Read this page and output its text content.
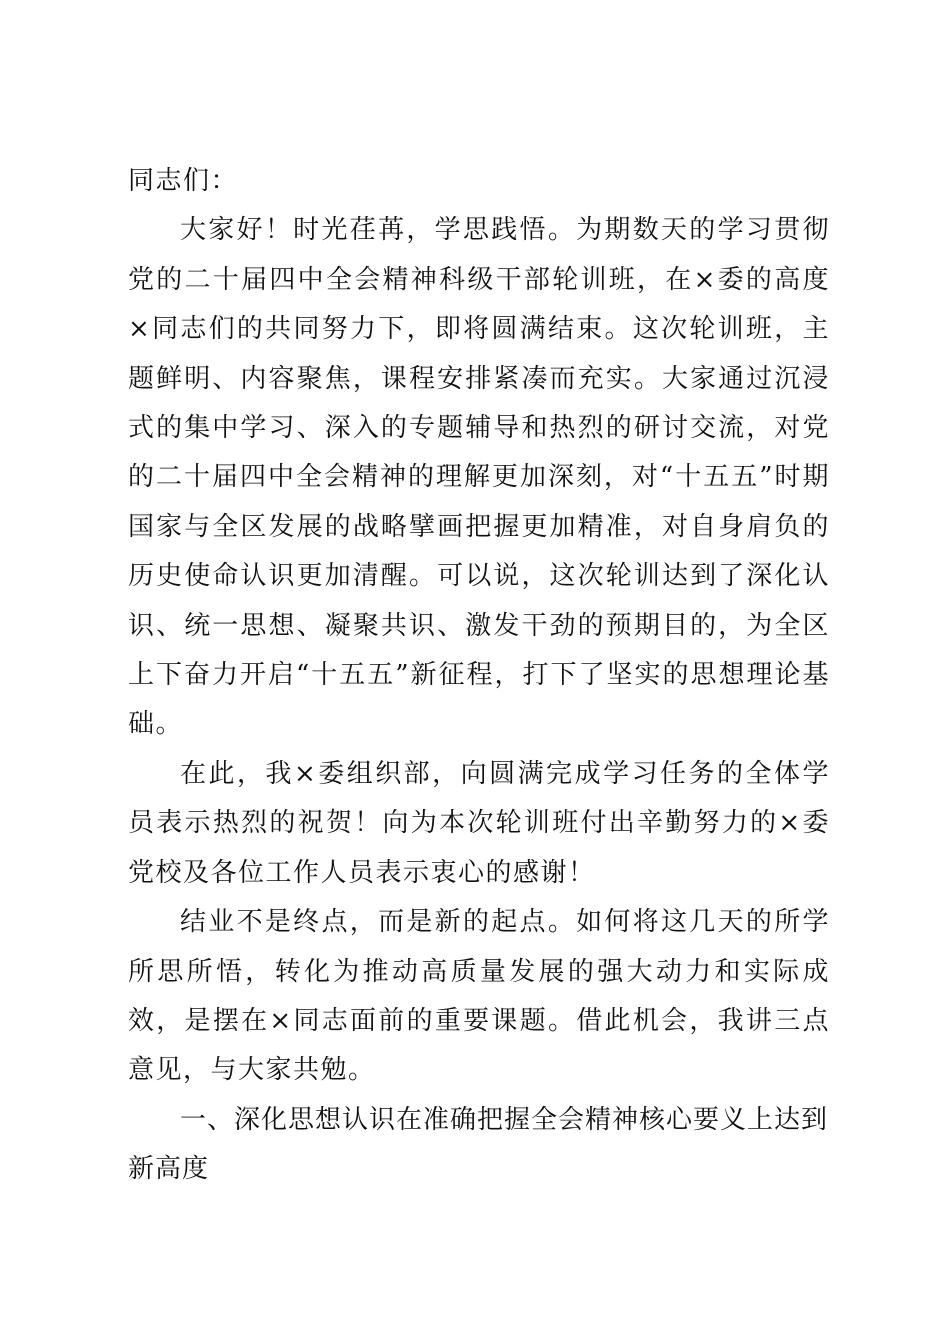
同志们：

大家好！时光荏苒，学思践悟。为期数天的学习贯彻党的二十届四中全会精神科级干部轮训班，在×委的高度×同志们的共同努力下，即将圆满结束。这次轮训班，主题鲜明、内容聚焦，课程安排紧凑而充实。大家通过沉浸式的集中学习、深入的专题辅导和热烈的研讨交流，对党的二十届四中全会精神的理解更加深刻，对“十五五”时期国家与全区发展的战略擘画把握更加精准，对自身肩负的历史使命认识更加清醒。可以说，这次轮训达到了深化认识、统一思想、凝聚共识、激发干劲的预期目的，为全区上下奋力开启“十五五”新征程，打下了坚实的思想理论基础。

在此，我×委组织部，向圆满完成学习任务的全体学员表示热烈的祝贺！向为本次轮训班付出辛勤努力的×委党校及各位工作人员表示衷心的感谢！

结业不是终点，而是新的起点。如何将这几天的所学所思所悟，转化为推动高质量发展的强大动力和实际成效，是摆在×同志面前的重要课题。借此机会，我讲三点意见，与大家共勉。

一、深化思想认识在准确把握全会精神核心要义上达到新高度
